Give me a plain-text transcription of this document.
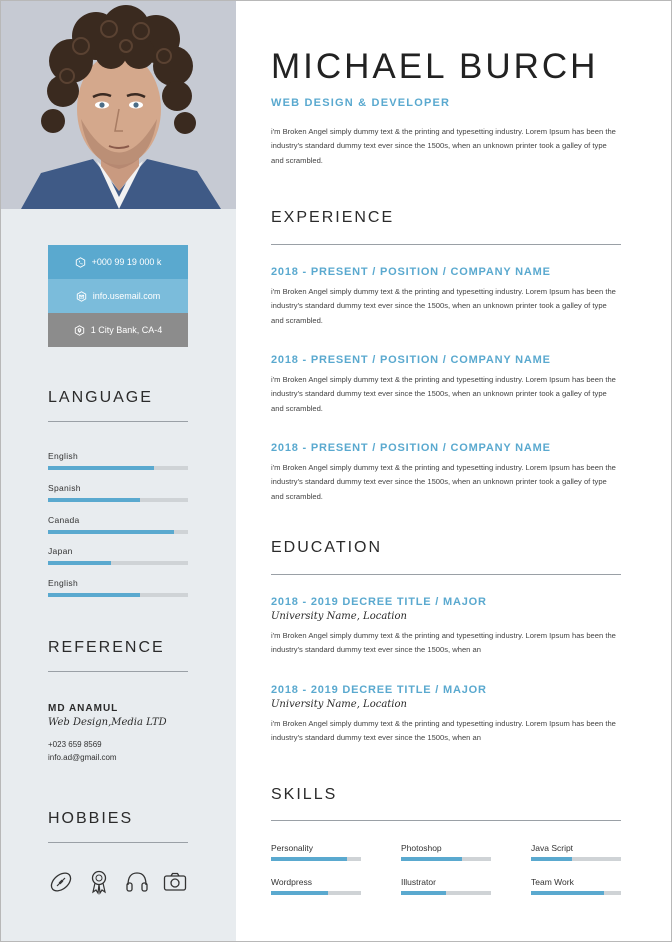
+000 99 19 000 k
info.usemail.com
1 City Bank, CA-4
LANGUAGE
English
Spanish
Canada
Japan
English
REFERENCE
MD ANAMUL
Web Design,Media LTD
+023 659 8569
info.ad@gmail.com
HOBBIES
MICHAEL BURCH
WEB DESIGN & DEVELOPER
i'm Broken Angel simply dummy text & the printing and typesetting industry. Lorem Ipsum has been the industry's standard dummy text ever since the 1500s, when an unknown printer took a galley of type and scrambled.
EXPERIENCE
2018 - PRESENT / POSITION / COMPANY NAME
i'm Broken Angel simply dummy text & the printing and typesetting industry. Lorem Ipsum has been the industry's standard dummy text ever since the 1500s, when an unknown printer took a galley of type and scrambled.
2018 - PRESENT / POSITION / COMPANY NAME
i'm Broken Angel simply dummy text & the printing and typesetting industry. Lorem Ipsum has been the industry's standard dummy text ever since the 1500s, when an unknown printer took a galley of type and scrambled.
2018 - PRESENT / POSITION / COMPANY NAME
i'm Broken Angel simply dummy text & the printing and typesetting industry. Lorem Ipsum has been the industry's standard dummy text ever since the 1500s, when an unknown printer took a galley of type and scrambled.
EDUCATION
2018 - 2019 DECREE TITLE / MAJOR
University Name, Location
i'm Broken Angel simply dummy text & the printing and typesetting industry. Lorem Ipsum has been the industry's standard dummy text ever since the 1500s, when an
2018 - 2019 DECREE TITLE / MAJOR
University Name, Location
i'm Broken Angel simply dummy text & the printing and typesetting industry. Lorem Ipsum has been the industry's standard dummy text ever since the 1500s, when an
SKILLS
Personality	Photoshop	Java Script
Wordpress	Illustrator	Team Work
